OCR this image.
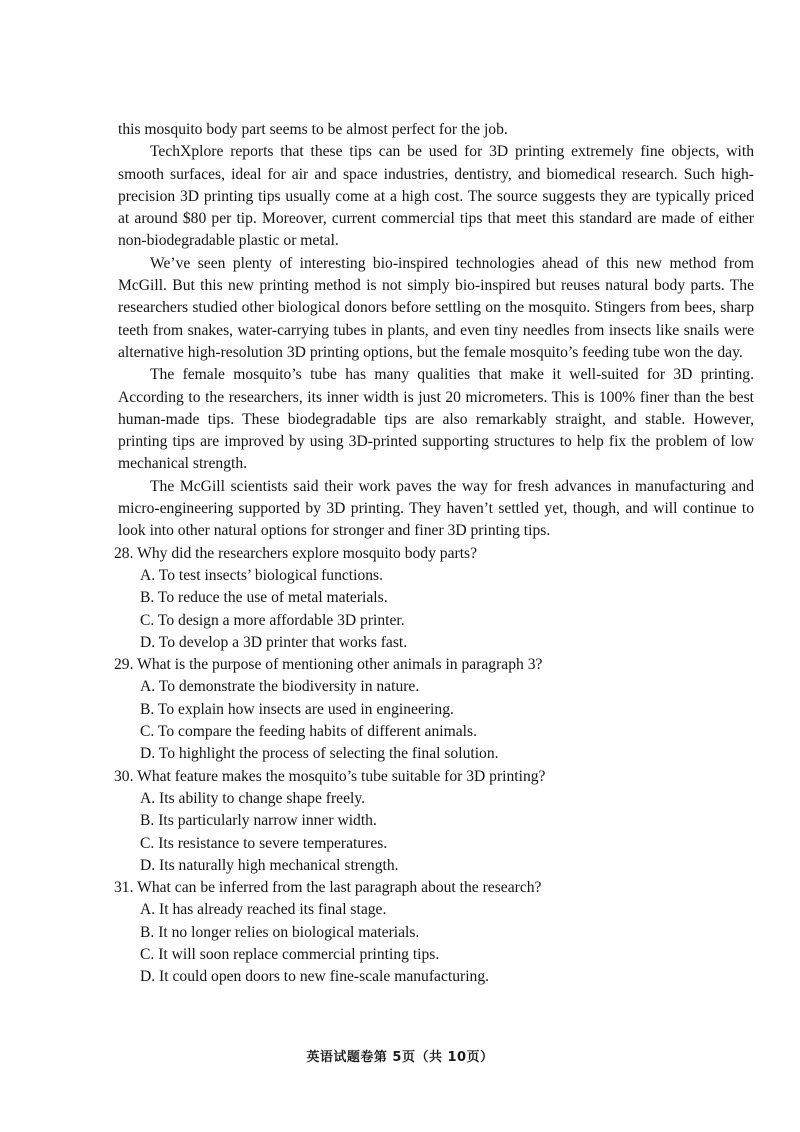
this mosquito body part seems to be almost perfect for the job.

TechXplore reports that these tips can be used for 3D printing extremely fine objects, with smooth surfaces, ideal for air and space industries, dentistry, and biomedical research. Such high-precision 3D printing tips usually come at a high cost. The source suggests they are typically priced at around $80 per tip. Moreover, current commercial tips that meet this standard are made of either non-biodegradable plastic or metal.

We’ve seen plenty of interesting bio-inspired technologies ahead of this new method from McGill. But this new printing method is not simply bio-inspired but reuses natural body parts. The researchers studied other biological donors before settling on the mosquito. Stingers from bees, sharp teeth from snakes, water-carrying tubes in plants, and even tiny needles from insects like snails were alternative high-resolution 3D printing options, but the female mosquito’s feeding tube won the day.

The female mosquito’s tube has many qualities that make it well-suited for 3D printing. According to the researchers, its inner width is just 20 micrometers. This is 100% finer than the best human-made tips. These biodegradable tips are also remarkably straight, and stable. However, printing tips are improved by using 3D-printed supporting structures to help fix the problem of low mechanical strength.

The McGill scientists said their work paves the way for fresh advances in manufacturing and micro-engineering supported by 3D printing. They haven’t settled yet, though, and will continue to look into other natural options for stronger and finer 3D printing tips.

28. Why did the researchers explore mosquito body parts?

A. To test insects’ biological functions.

B. To reduce the use of metal materials.

C. To design a more affordable 3D printer.

D. To develop a 3D printer that works fast.

29. What is the purpose of mentioning other animals in paragraph 3?

A. To demonstrate the biodiversity in nature.

B. To explain how insects are used in engineering.

C. To compare the feeding habits of different animals.

D. To highlight the process of selecting the final solution.

30. What feature makes the mosquito’s tube suitable for 3D printing?

A. Its ability to change shape freely.

B. Its particularly narrow inner width.

C. Its resistance to severe temperatures.

D. Its naturally high mechanical strength.

31. What can be inferred from the last paragraph about the research?

A. It has already reached its final stage.

B. It no longer relies on biological materials.

C. It will soon replace commercial printing tips.

D. It could open doors to new fine-scale manufacturing.

英语试题卷第 5页（共 10页）
